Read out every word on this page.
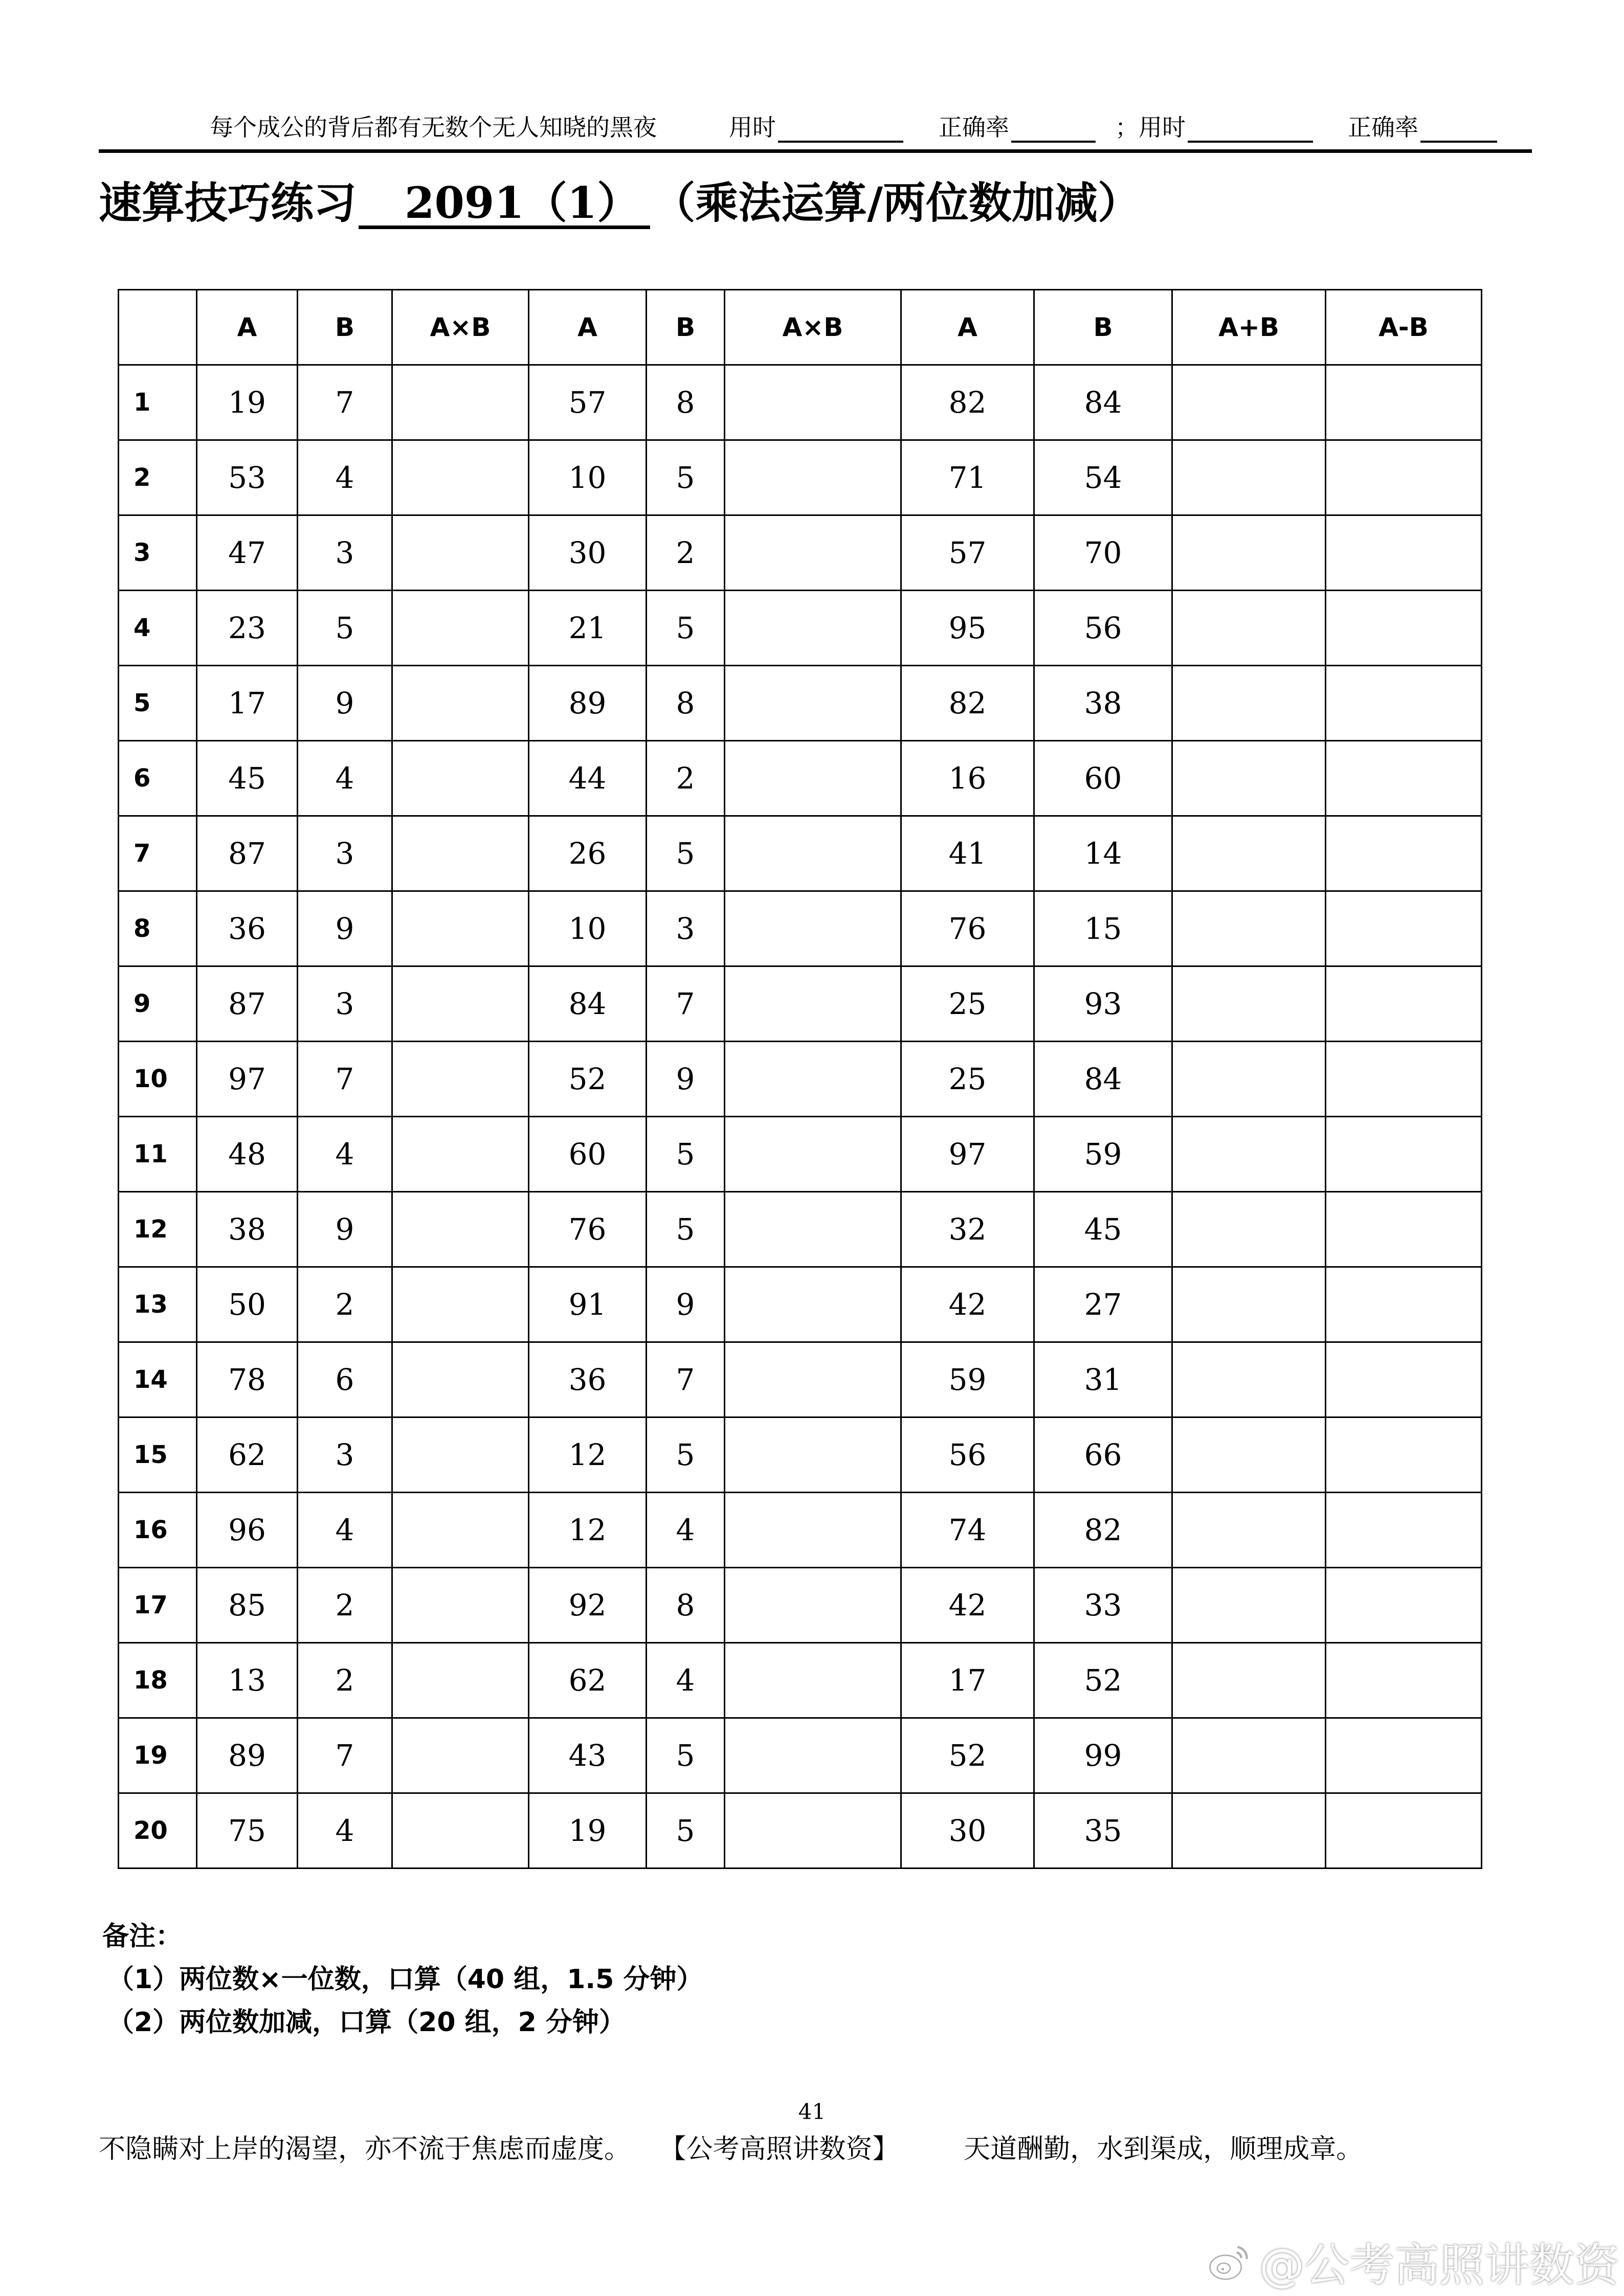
每个成公的背后都有无数个无人知晓的黑夜	用时	正确率	；用时	正确率
速算技巧练习	2091（1） （乘法运算/两位数加减）
	A	B	A×B	A	B	A×B	A	B	A+B	A-B
1	19	7		57	8		82	84		
2	53	4		10	5		71	54		
3	47	3		30	2		57	70		
4	23	5		21	5		95	56		
5	17	9		89	8		82	38		
6	45	4		44	2		16	60		
7	87	3		26	5		41	14		
8	36	9		10	3		76	15		
9	87	3		84	7		25	93		
10	97	7		52	9		25	84		
11	48	4		60	5		97	59		
12	38	9		76	5		32	45		
13	50	2		91	9		42	27		
14	78	6		36	7		59	31		
15	62	3		12	5		56	66		
16	96	4		12	4		74	82		
17	85	2		92	8		42	33		
18	13	2		62	4		17	52		
19	89	7		43	5		52	99		
20	75	4		19	5		30	35		
备注：
（1）两位数×一位数，口算（40 组，1.5 分钟）
（2）两位数加减，口算（20 组，2 分钟）
41
不隐瞒对上岸的渴望，亦不流于焦虑而虚度。 【公考高照讲数资】 天道酬勤，水到渠成，顺理成章。
@公考高照讲数资
